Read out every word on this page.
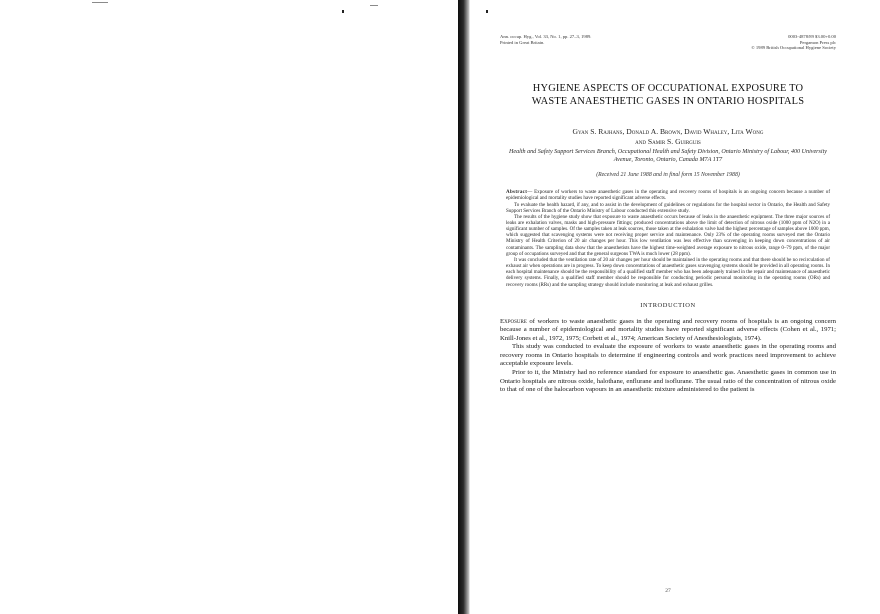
Ann. occup. Hyg., Vol. 33, No. 1, pp. 27–3, 1989.
Printed in Great Britain.
0003-4878/89 $3.00+0.00
Pergamon Press plc
© 1989 British Occupational Hygiene Society
HYGIENE ASPECTS OF OCCUPATIONAL EXPOSURE TO
WASTE ANAESTHETIC GASES IN ONTARIO HOSPITALS
Gyan S. Rajhans, Donald A. Brown, David Whaley, Lita Wong
and Samir S. Guirguis
Health and Safety Support Services Branch, Occupational Health and Safety Division, Ontario Ministry of Labour, 400 University Avenue, Toronto, Ontario, Canada M7A 1T7
(Received 21 June 1988 and in final form 15 November 1988)

Abstract— Exposure of workers to waste anaesthetic gases in the operating and recovery rooms of hospitals is an ongoing concern because a number of epidemiological and mortality studies have reported significant adverse effects.

To evaluate the health hazard, if any, and to assist in the development of guidelines or regulations for the hospital sector in Ontario, the Health and Safety Support Services Branch of the Ontario Ministry of Labour conducted this extensive study.

The results of the hygiene study show that exposure to waste anaesthetic occurs because of leaks in the anaesthetic equipment. The three major sources of leaks are exhalation valves, masks and high-pressure fittings; produced concentrations above the limit of detection of nitrous oxide (1000 ppm of N2O) in a significant number of samples. Of the samples taken at leak sources, those taken at the exhalation valve had the highest percentage of samples above 1000 ppm, which suggested that scavenging systems were not receiving proper service and maintenance. Only 23% of the operating rooms surveyed met the Ontario Ministry of Health Criterion of 20 air changes per hour. This low ventilation was less effective than scavenging in keeping down concentrations of air contaminants. The sampling data show that the anaesthetists have the highest time-weighted average exposure to nitrous oxide, range 0–79 ppm, of the major group of occupations surveyed and that the general surgeons TWA is much lower (28 ppm).

It was concluded that the ventilation rate of 20 air changes per hour should be maintained in the operating rooms and that there should be no recirculation of exhaust air when operations are in progress. To keep down concentrations of anaesthetic gases scavenging systems should be provided in all operating rooms. In each hospital maintenance should be the responsibility of a qualified staff member who has been adequately trained in the repair and maintenance of anaesthetic delivery systems. Finally, a qualified staff member should be responsible for conducting periodic personal monitoring in the operating rooms (ORs) and recovery rooms (RRs) and the sampling strategy should include monitoring at leak and exhaust grilles.

INTRODUCTION

Exposure of workers to waste anaesthetic gases in the operating and recovery rooms of hospitals is an ongoing concern because a number of epidemiological and mortality studies have reported significant adverse effects (Cohen et al., 1971; Knill-Jones et al., 1972, 1975; Corbett et al., 1974; American Society of Anesthesiologists, 1974).

This study was conducted to evaluate the exposure of workers to waste anaesthetic gases in the operating rooms and recovery rooms in Ontario hospitals to determine if engineering controls and work practices need improvement to achieve acceptable exposure levels.

Prior to it, the Ministry had no reference standard for exposure to anaesthetic gas. Anaesthetic gases in common use in Ontario hospitals are nitrous oxide, halothane, enflurane and isoflurane. The usual ratio of the concentration of nitrous oxide to that of one of the halocarbon vapours in an anaesthetic mixture administered to the patient is

27
